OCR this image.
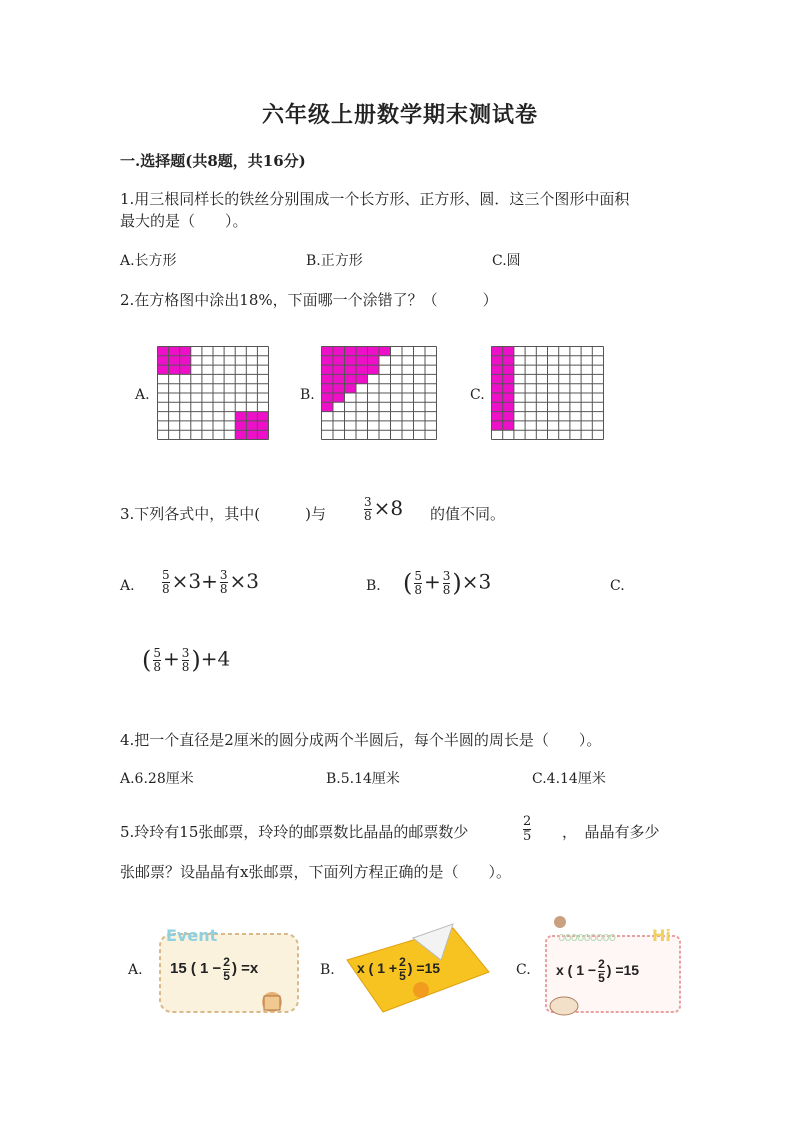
六年级上册数学期末测试卷
一.选择题(共8题，共16分)
1.用三根同样长的铁丝分别围成一个长方形、正方形、圆．这三个图形中面积
最大的是（　　）。
A.长方形	B.正方形	C.圆
2.在方格图中涂出18%，下面哪一个涂错了？（　　　）
A.	B.	C.
3.下列各式中，其中(　　　)与	$\frac{3}{8} \times 8$ 的值不同。
A. $\frac{5}{8} \times 3+ \frac{3}{8} \times 3$	B. ( $\frac{5}{8} + \frac{3}{8} )\times 3$	C.
( $\frac{5}{8} + \frac{3}{8} )+4$
4.把一个直径是2厘米的圆分成两个半圆后，每个半圆的周长是（　　）。
A.6.28厘米	B.5.14厘米	C.4.14厘米
5.玲玲有15张邮票，玲玲的邮票数比晶晶的邮票数少	$\frac{2}{5}$ ，　晶晶有多少
张邮票？设晶晶有x张邮票，下面列方程正确的是（　　）。
A.	B.	C.
Event
15 ( $1 - \frac{2}{5}$ ) =x	x ( $1 + \frac{2}{5}$ ) =15
ooooooooo Hi
x ( $1 - \frac{2}{5}$ ) =15
